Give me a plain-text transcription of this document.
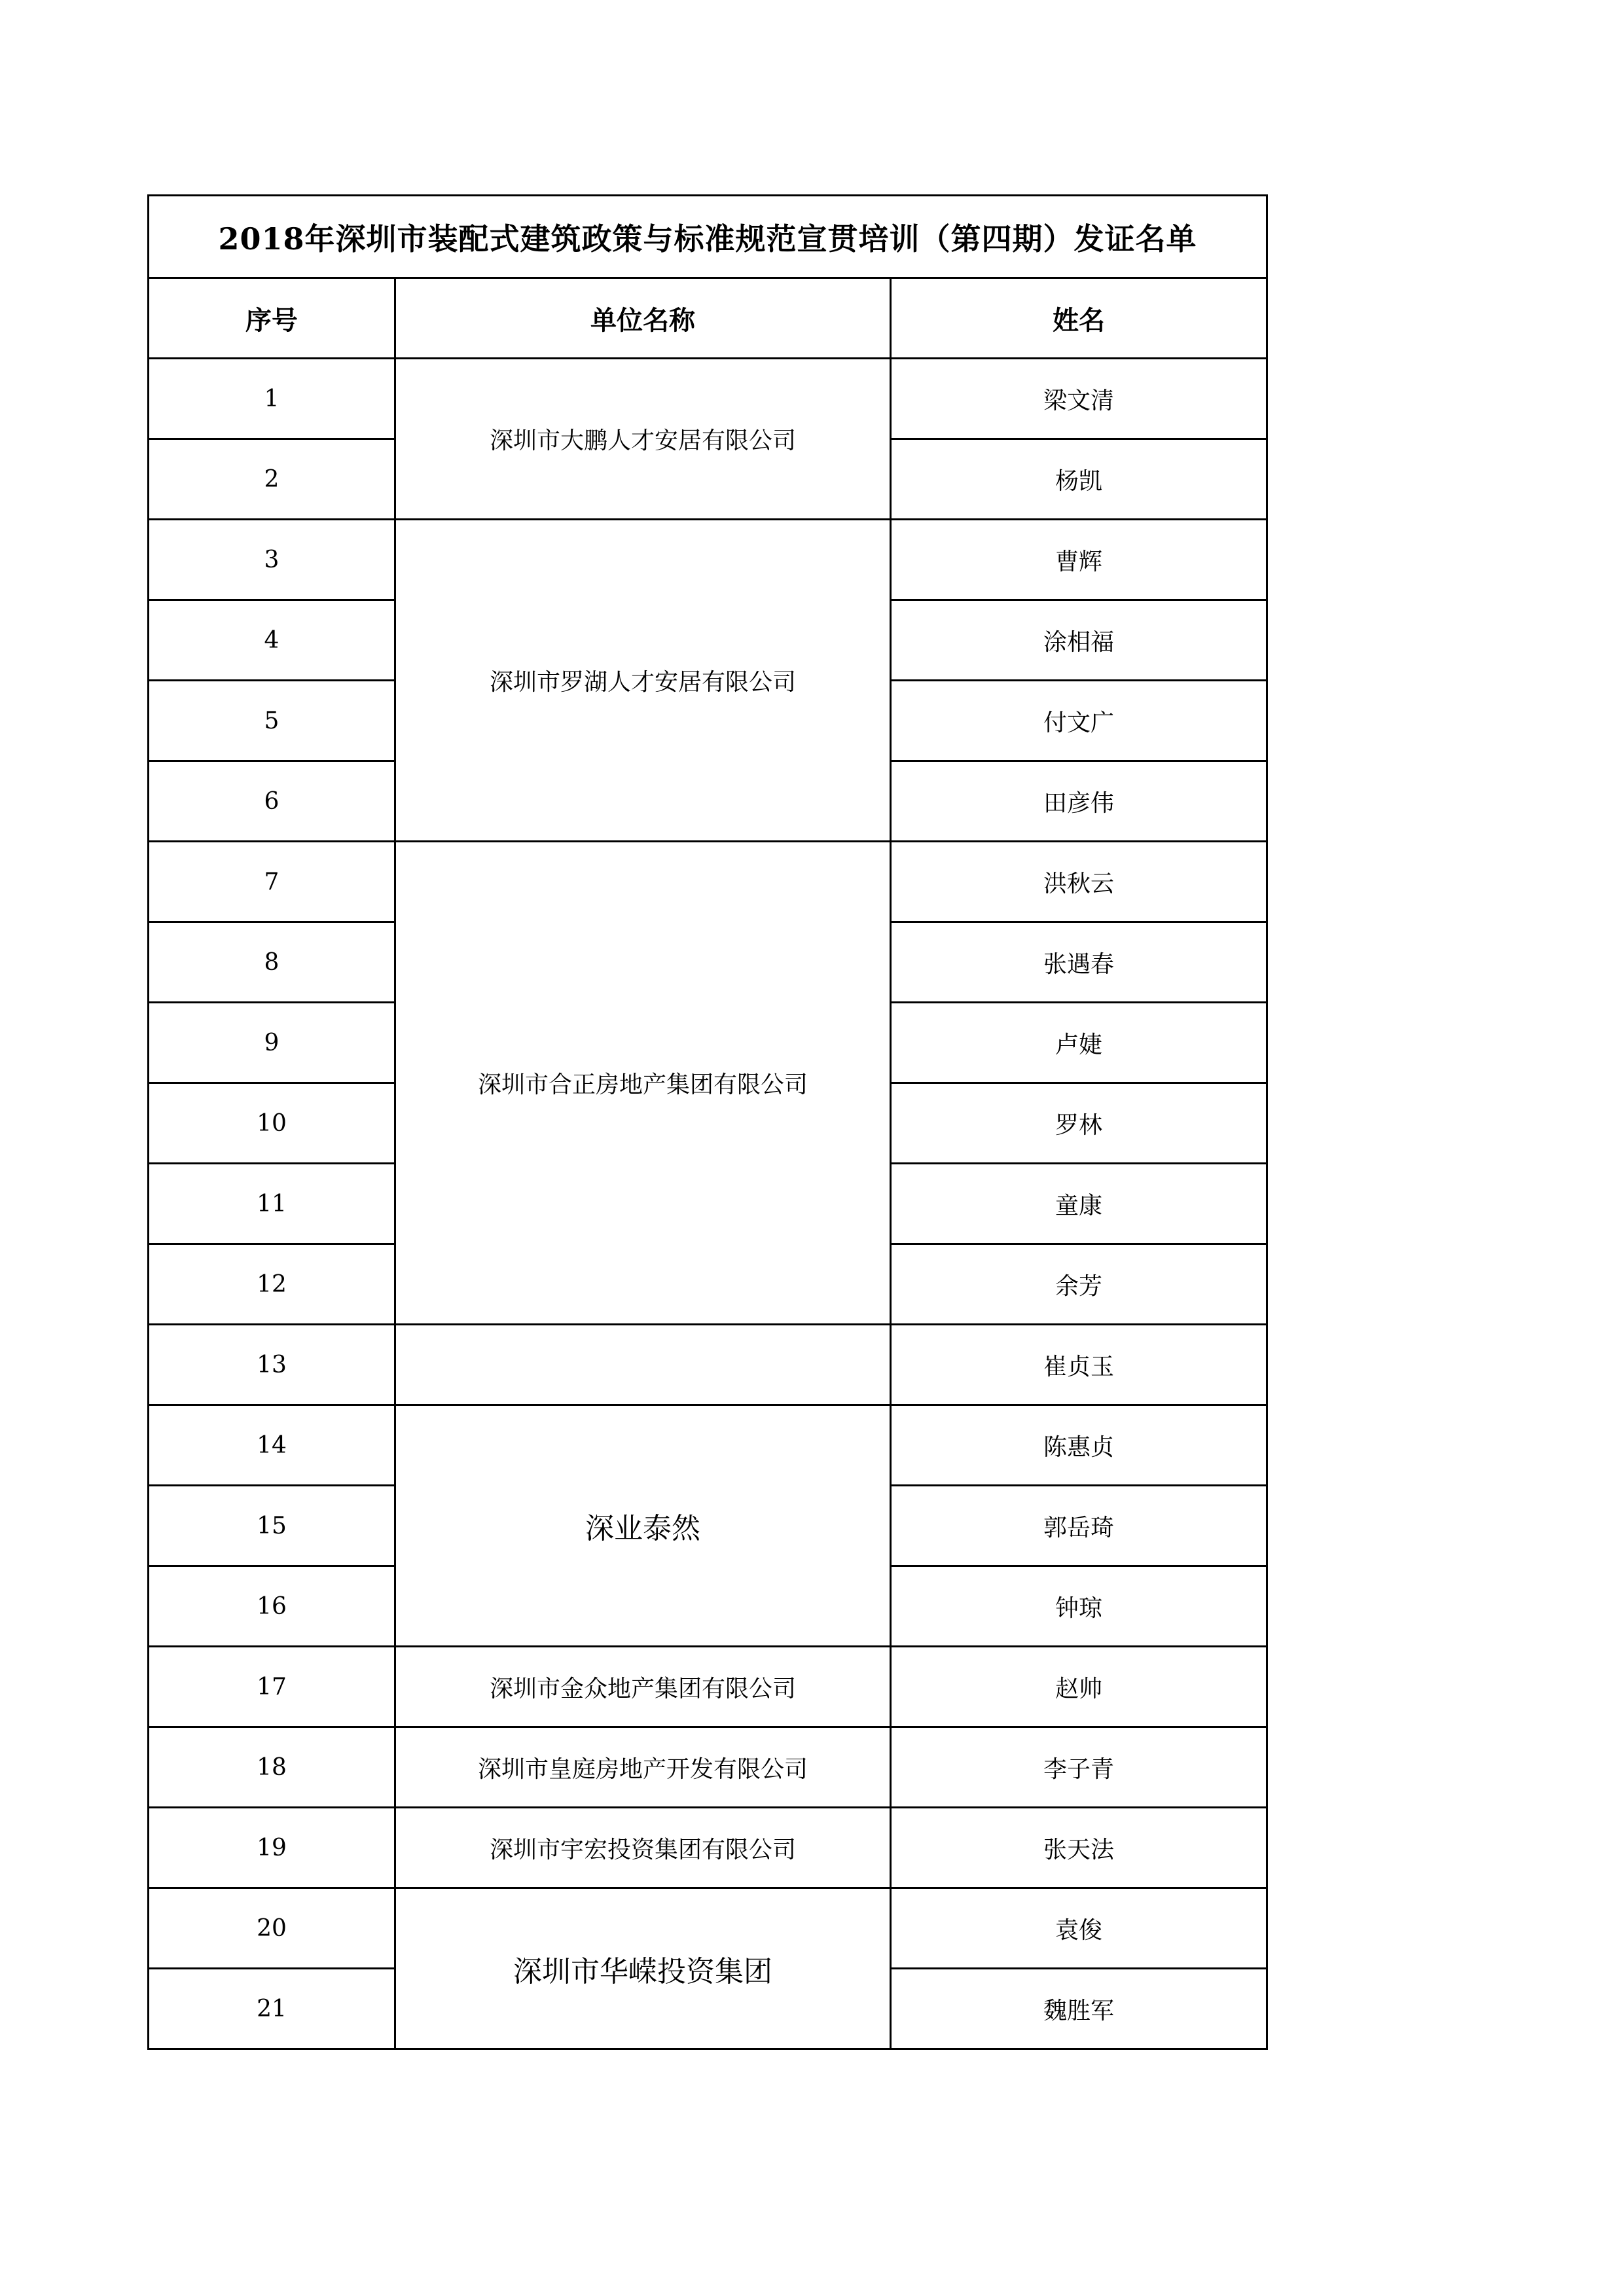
2018年深圳市装配式建筑政策与标准规范宣贯培训（第四期）发证名单		
序号	单位名称	姓名
1	深圳市大鹏人才安居有限公司	梁文清
2		杨凯
3	深圳市罗湖人才安居有限公司	曹辉
4		涂相福
5		付文广
6		田彦伟
7	深圳市合正房地产集团有限公司	洪秋云
8		张遇春
9		卢婕
10		罗林
11		童康
12		余芳
13		崔贞玉
14	深业泰然	陈惠贞
15		郭岳琦
16		钟琼
17	深圳市金众地产集团有限公司	赵帅
18	深圳市皇庭房地产开发有限公司	李子青
19	深圳市宇宏投资集团有限公司	张天法
20	深圳市华嵘投资集团	袁俊
21		魏胜军
